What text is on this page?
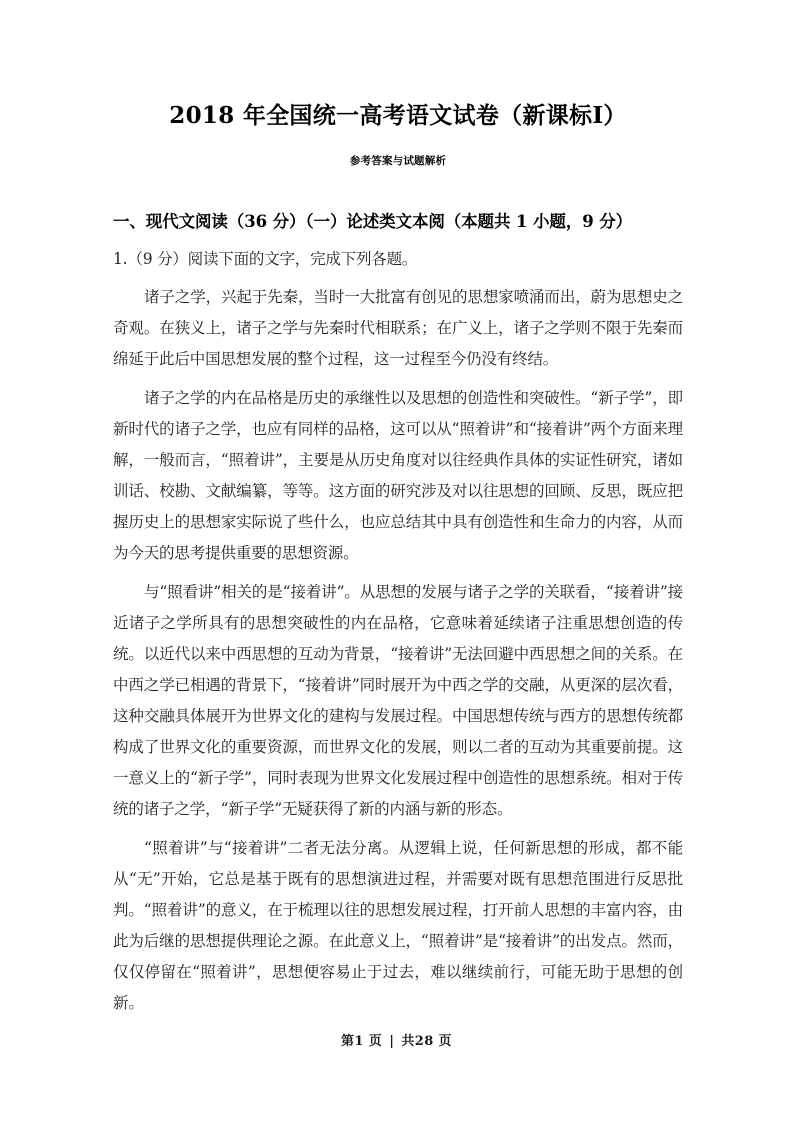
2018 年全国统一高考语文试卷（新课标I）
参考答案与试题解析
一、现代文阅读（36 分）（一）论述类文本阅（本题共 1 小题，9 分）

1.（9 分）阅读下面的文字，完成下列各题。

诸子之学，兴起于先秦，当时一大批富有创见的思想家喷涌而出，蔚为思想史之奇观。在狭义上，诸子之学与先秦时代相联系；在广义上，诸子之学则不限于先秦而绵延于此后中国思想发展的整个过程，这一过程至今仍没有终结。

诸子之学的内在品格是历史的承继性以及思想的创造性和突破性。“新子学”，即新时代的诸子之学，也应有同样的品格，这可以从“照着讲”和“接着讲”两个方面来理解，一般而言，“照着讲”，主要是从历史角度对以往经典作具体的实证性研究，诸如训话、校勘、文献编纂，等等。这方面的研究涉及对以往思想的回顾、反思，既应把握历史上的思想家实际说了些什么，也应总结其中具有创造性和生命力的内容，从而为今天的思考提供重要的思想资源。

与“照看讲”相关的是“接着讲”。从思想的发展与诸子之学的关联看，“接着讲”接近诸子之学所具有的思想突破性的内在品格，它意味着延续诸子注重思想创造的传统。以近代以来中西思想的互动为背景，“接着讲”无法回避中西思想之间的关系。在中西之学已相遇的背景下，“接着讲”同时展开为中西之学的交融，从更深的层次看，这种交融具体展开为世界文化的建构与发展过程。中国思想传统与西方的思想传统都构成了世界文化的重要资源，而世界文化的发展，则以二者的互动为其重要前提。这一意义上的“新子学”，同时表现为世界文化发展过程中创造性的思想系统。相对于传统的诸子之学，“新子学”无疑获得了新的内涵与新的形态。

“照着讲”与“接着讲”二者无法分离。从逻辑上说，任何新思想的形成，都不能从“无”开始，它总是基于既有的思想演进过程，并需要对既有思想范围进行反思批判。“照着讲”的意义，在于梳理以往的思想发展过程，打开前人思想的丰富内容，由此为后继的思想提供理论之源。在此意义上，“照着讲”是“接着讲”的出发点。然而，仅仅停留在“照着讲”，思想便容易止于过去，难以继续前行，可能无助于思想的创新。

第1 页 | 共28 页
